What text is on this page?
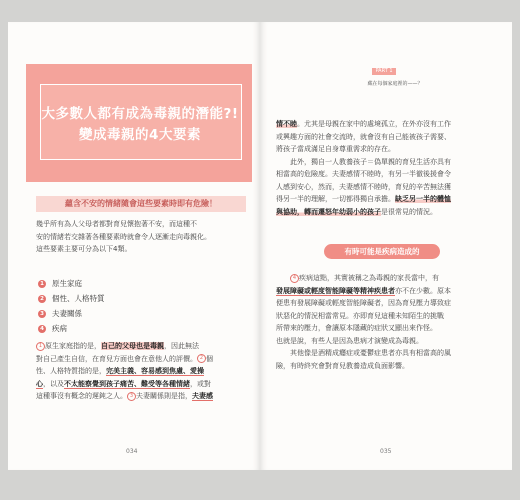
大多數人都有成為毒親的潛能?!
變成毒親的4大要素
蘊含不安的情緒隨會這些要素時即有危險！
幾乎所有為人父母者都對育兒懷抱著不安，而這種不
安的情緒若交雜著各種要素時就會令人逐漸走向毒親化。
這些要素主要可分為以下4類。
1 原生家庭
2 個性、人格特質
3 夫妻關係
4 疾病
1 原生家庭指的是，自己的父母也是毒親，因此無法
對自己產生自信，在育兒方面也會在意他人的評價。 2 個
性、人格特質指的是，完美主義、容易感到焦慮、愛操
心，以及不太能察覺到孩子痛苦、難受等各種情緒，或對
這種事沒有概念的遲鈍之人。 3 夫妻關係則是指，夫妻感
034
PART 1
藏在每個家庭裡的——？
情不睦。尤其是母親在家中的處境孤立，在外亦沒有工作
或興趣方面的社會交流時，就會沒有自己能被孩子需要、
將孩子當成滿足自身尊重需求的存在。
此外，獨自一人教養孩子＝偽單親的育兒生活亦具有
相當高的危險度。夫妻感情不睦時，有另一半徹後援會令
人感到安心，然而，夫妻感情不睦時，育兒的辛苦無法獲
得另一半的理解，一切都得獨自承擔。缺乏另一半的體恤
與協助，轉而遷怒年幼弱小的孩子是很常見的情況。
有時可能是疾病造成的
4 疾病這點，其實被稱之為毒親的家長當中，有
發展障礙或輕度智能障礙等精神疾患者亦不在少數。原本
便患有發展障礙或輕度智能障礙者，因為育兒壓力導致症
狀惡化的情況相當常見。亦即育兒這種未知陌生的挑戰
所帶來的壓力，會讓原本隱藏的症狀又顯出來作怪。
也就是說，有些人是因為患病才演變成為毒親。
其他像是酒精成癮症或憂鬱症患者亦具有相當高的風
險，有時終究會對育兒教養造成負面影響。
035
